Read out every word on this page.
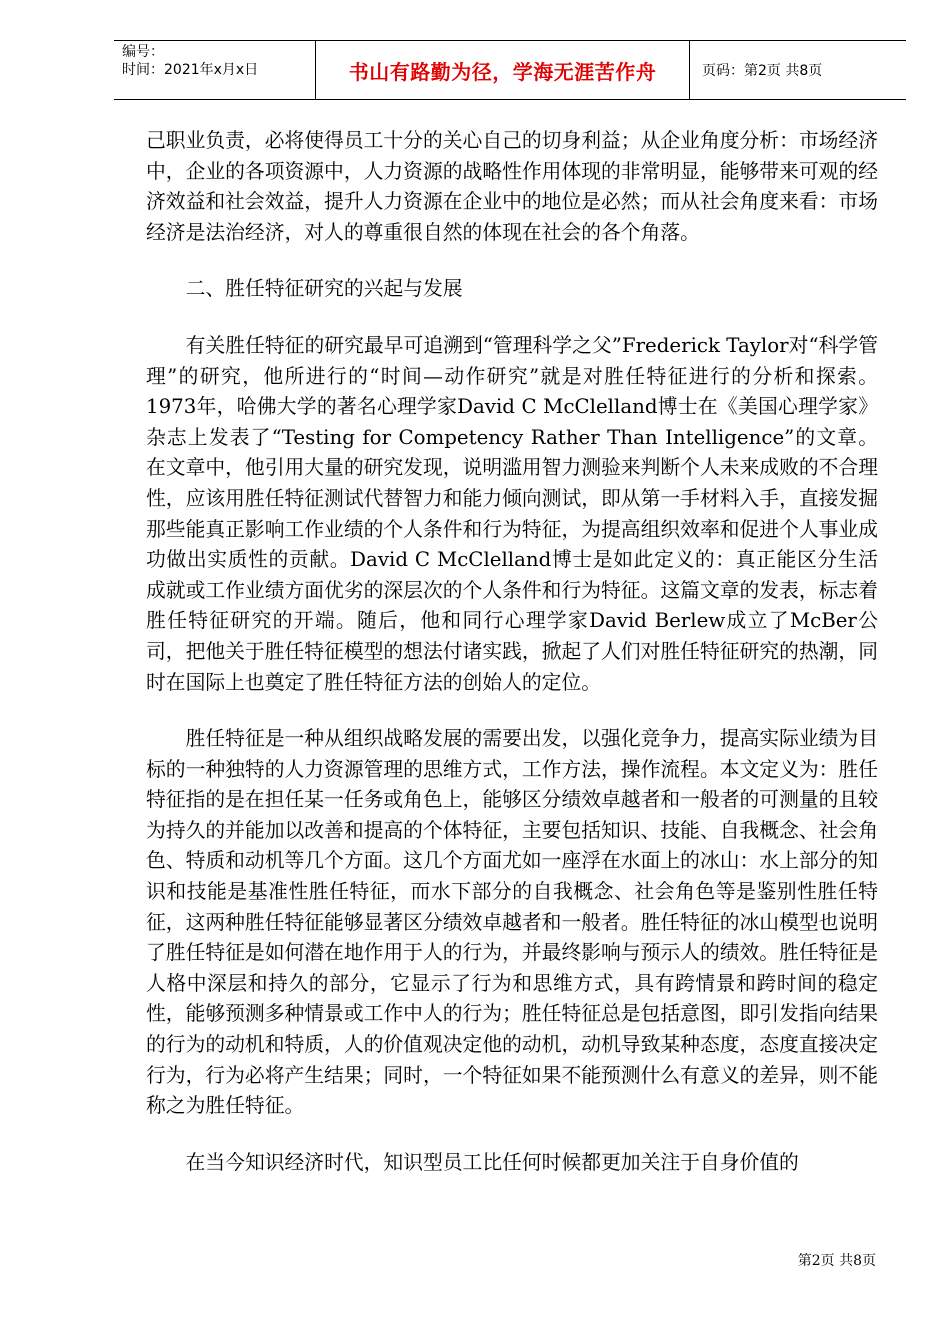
编号：
时间：2021年x月x日	书山有路勤为径，学海无涯苦作舟	页码：第2页 共8页

己职业负责，必将使得员工十分的关心自己的切身利益；从企业角度分析：市场经济中，企业的各项资源中，人力资源的战略性作用体现的非常明显，能够带来可观的经济效益和社会效益，提升人力资源在企业中的地位是必然；而从社会角度来看：市场经济是法治经济，对人的尊重很自然的体现在社会的各个角落。

二、胜任特征研究的兴起与发展

有关胜任特征的研究最早可追溯到“管理科学之父”Frederick Taylor对“科学管理”的研究，他所进行的“时间—动作研究”就是对胜任特征进行的分析和探索。1973年，哈佛大学的著名心理学家David C McClelland博士在《美国心理学家》杂志上发表了“Testing for Competency Rather Than Intelligence”的文章。在文章中，他引用大量的研究发现，说明滥用智力测验来判断个人未来成败的不合理性，应该用胜任特征测试代替智力和能力倾向测试，即从第一手材料入手，直接发掘那些能真正影响工作业绩的个人条件和行为特征，为提高组织效率和促进个人事业成功做出实质性的贡献。David C McClelland博士是如此定义的：真正能区分生活成就或工作业绩方面优劣的深层次的个人条件和行为特征。这篇文章的发表，标志着胜任特征研究的开端。随后，他和同行心理学家David Berlew成立了McBer公司，把他关于胜任特征模型的想法付诸实践，掀起了人们对胜任特征研究的热潮，同时在国际上也奠定了胜任特征方法的创始人的定位。

胜任特征是一种从组织战略发展的需要出发，以强化竞争力，提高实际业绩为目标的一种独特的人力资源管理的思维方式，工作方法，操作流程。本文定义为：胜任特征指的是在担任某一任务或角色上，能够区分绩效卓越者和一般者的可测量的且较为持久的并能加以改善和提高的个体特征，主要包括知识、技能、自我概念、社会角色、特质和动机等几个方面。这几个方面尤如一座浮在水面上的冰山：水上部分的知识和技能是基准性胜任特征，而水下部分的自我概念、社会角色等是鉴别性胜任特征，这两种胜任特征能够显著区分绩效卓越者和一般者。胜任特征的冰山模型也说明了胜任特征是如何潜在地作用于人的行为，并最终影响与预示人的绩效。胜任特征是人格中深层和持久的部分，它显示了行为和思维方式，具有跨情景和跨时间的稳定性，能够预测多种情景或工作中人的行为；胜任特征总是包括意图，即引发指向结果的行为的动机和特质，人的价值观决定他的动机，动机导致某种态度，态度直接决定行为，行为必将产生结果；同时，一个特征如果不能预测什么有意义的差异，则不能称之为胜任特征。

在当今知识经济时代，知识型员工比任何时候都更加关注于自身价值的

第2页 共8页
